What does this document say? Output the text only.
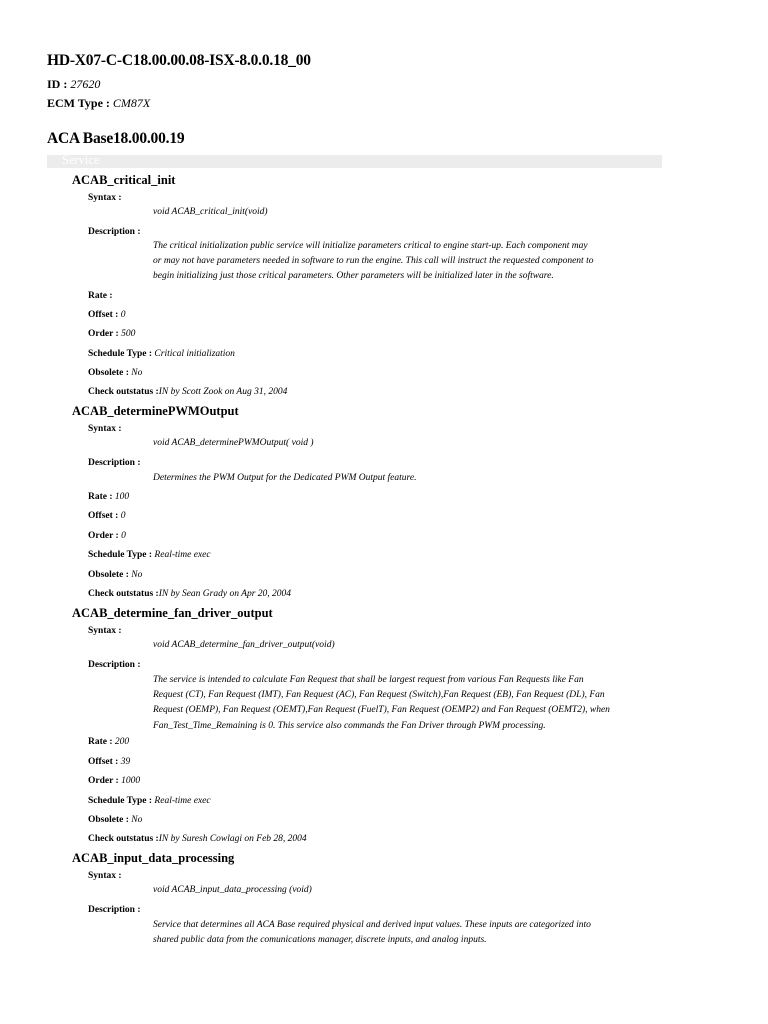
HD-X07-C-C18.00.00.08-ISX-8.0.0.18_00
ID : 27620
ECM Type : CM87X
ACA Base18.00.00.19
Service
ACAB_critical_init
Syntax :
void ACAB_critical_init(void)
Description :
The critical initialization public service will initialize parameters critical to engine start-up. Each component may
or may not have parameters needed in software to run the engine. This call will instruct the requested component to
begin initializing just those critical parameters. Other parameters will be initialized later in the software.
Rate :
Offset : 0
Order : 500
Schedule Type : Critical initialization
Obsolete : No
Check outstatus :IN by Scott Zook on Aug 31, 2004
ACAB_determinePWMOutput
Syntax :
void ACAB_determinePWMOutput( void )
Description :
Determines the PWM Output for the Dedicated PWM Output feature.
Rate : 100
Offset : 0
Order : 0
Schedule Type : Real-time exec
Obsolete : No
Check outstatus :IN by Sean Grady on Apr 20, 2004
ACAB_determine_fan_driver_output
Syntax :
void ACAB_determine_fan_driver_output(void)
Description :
The service is intended to calculate Fan Request that shall be largest request from various Fan Requests like Fan
Request (CT), Fan Request (IMT), Fan Request (AC), Fan Request (Switch),Fan Request (EB), Fan Request (DL), Fan
Request (OEMP), Fan Request (OEMT),Fan Request (FuelT), Fan Request (OEMP2) and Fan Request (OEMT2), when
Fan_Test_Time_Remaining is 0. This service also commands the Fan Driver through PWM processing.
Rate : 200
Offset : 39
Order : 1000
Schedule Type : Real-time exec
Obsolete : No
Check outstatus :IN by Suresh Cowlagi on Feb 28, 2004
ACAB_input_data_processing
Syntax :
void ACAB_input_data_processing (void)
Description :
Service that determines all ACA Base required physical and derived input values. These inputs are categorized into
shared public data from the comunications manager, discrete inputs, and analog inputs.
